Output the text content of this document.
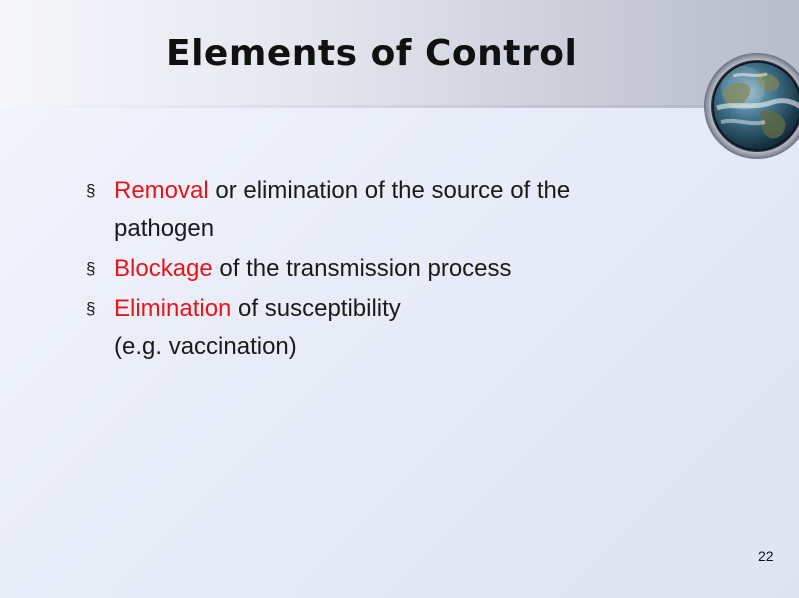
Elements of Control
§ Removal or elimination of the source of the
pathogen
§ Blockage of the transmission process
§ Elimination of susceptibility
(e.g. vaccination)
22
